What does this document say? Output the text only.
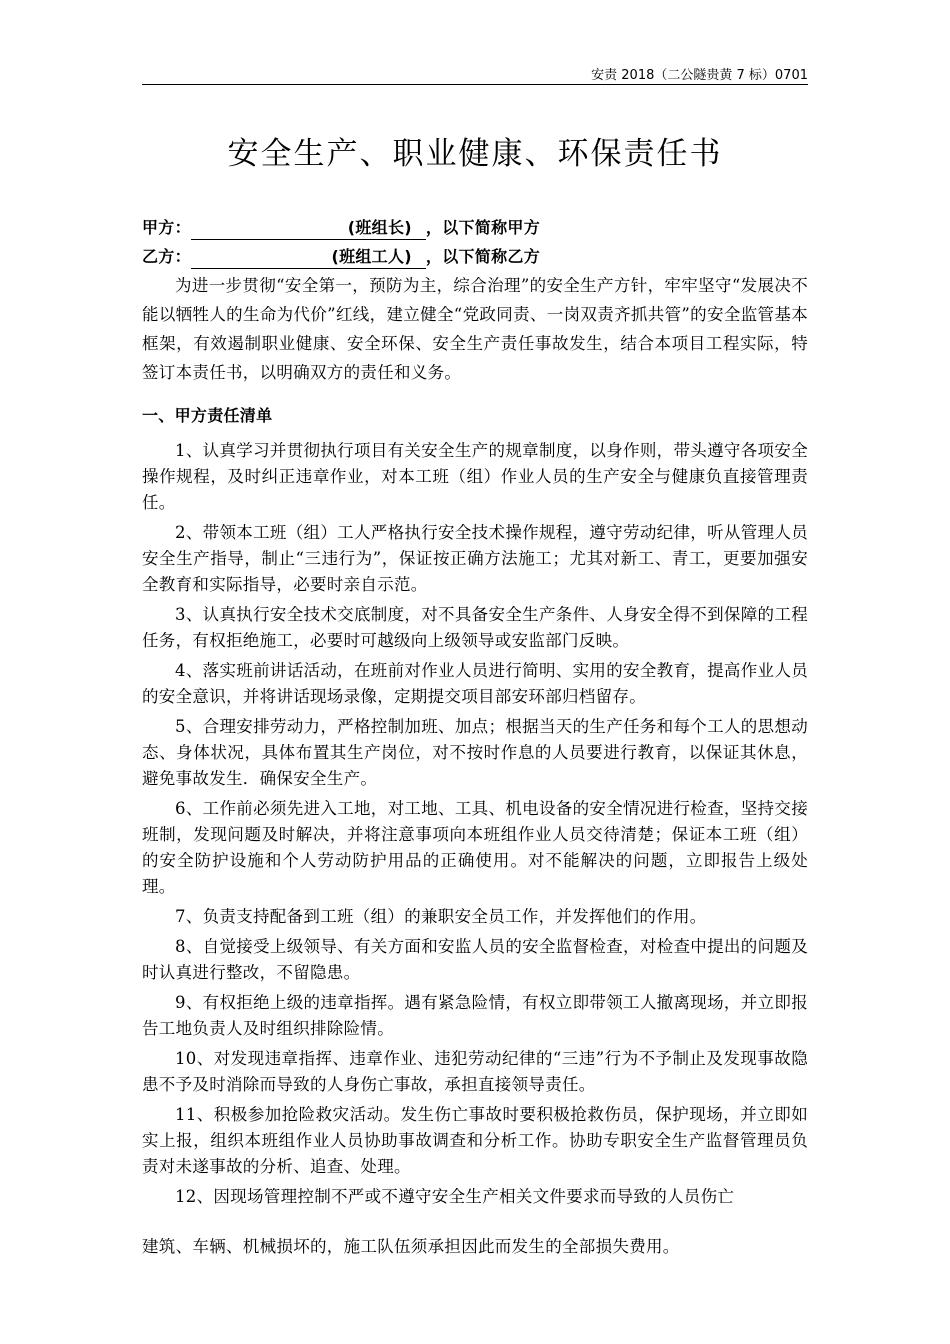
安责 2018（二公隧贵黄 7 标）0701
安全生产、职业健康、环保责任书
甲方：	(班组长) ，以下简称甲方
乙方：	(班组工人) ，以下简称乙方

为进一步贯彻“安全第一，预防为主，综合治理”的安全生产方针，牢牢坚守“发展决不能以牺牲人的生命为代价”红线，建立健全“党政同责、一岗双责齐抓共管”的安全监管基本框架，有效遏制职业健康、安全环保、安全生产责任事故发生，结合本项目工程实际，特签订本责任书，以明确双方的责任和义务。

一、甲方责任清单

1、认真学习并贯彻执行项目有关安全生产的规章制度，以身作则，带头遵守各项安全操作规程，及时纠正违章作业，对本工班（组）作业人员的生产安全与健康负直接管理责任。

2、带领本工班（组）工人严格执行安全技术操作规程，遵守劳动纪律，听从管理人员安全生产指导，制止“三违行为”，保证按正确方法施工；尤其对新工、青工，更要加强安全教育和实际指导，必要时亲自示范。

3、认真执行安全技术交底制度，对不具备安全生产条件、人身安全得不到保障的工程任务，有权拒绝施工，必要时可越级向上级领导或安监部门反映。

4、落实班前讲话活动，在班前对作业人员进行简明、实用的安全教育，提高作业人员的安全意识，并将讲话现场录像，定期提交项目部安环部归档留存。

5、合理安排劳动力，严格控制加班、加点；根据当天的生产任务和每个工人的思想动态、身体状况，具体布置其生产岗位，对不按时作息的人员要进行教育，以保证其休息，避免事故发生．确保安全生产。

6、工作前必须先进入工地，对工地、工具、机电设备的安全情况进行检查，坚持交接班制，发现问题及时解决，并将注意事项向本班组作业人员交待清楚；保证本工班（组）的安全防护设施和个人劳动防护用品的正确使用。对不能解决的问题，立即报告上级处理。

7、负责支持配备到工班（组）的兼职安全员工作，并发挥他们的作用。

8、自觉接受上级领导、有关方面和安监人员的安全监督检查，对检查中提出的问题及时认真进行整改，不留隐患。

9、有权拒绝上级的违章指挥。遇有紧急险情，有权立即带领工人撤离现场，并立即报告工地负责人及时组织排除险情。

10、对发现违章指挥、违章作业、违犯劳动纪律的“三违”行为不予制止及发现事故隐患不予及时消除而导致的人身伤亡事故，承担直接领导责任。

11、积极参加抢险救灾活动。发生伤亡事故时要积极抢救伤员，保护现场，并立即如实上报，组织本班组作业人员协助事故调查和分析工作。协助专职安全生产监督管理员负责对未遂事故的分析、追查、处理。

12、因现场管理控制不严或不遵守安全生产相关文件要求而导致的人员伤亡

建筑、车辆、机械损坏的，施工队伍须承担因此而发生的全部损失费用。
